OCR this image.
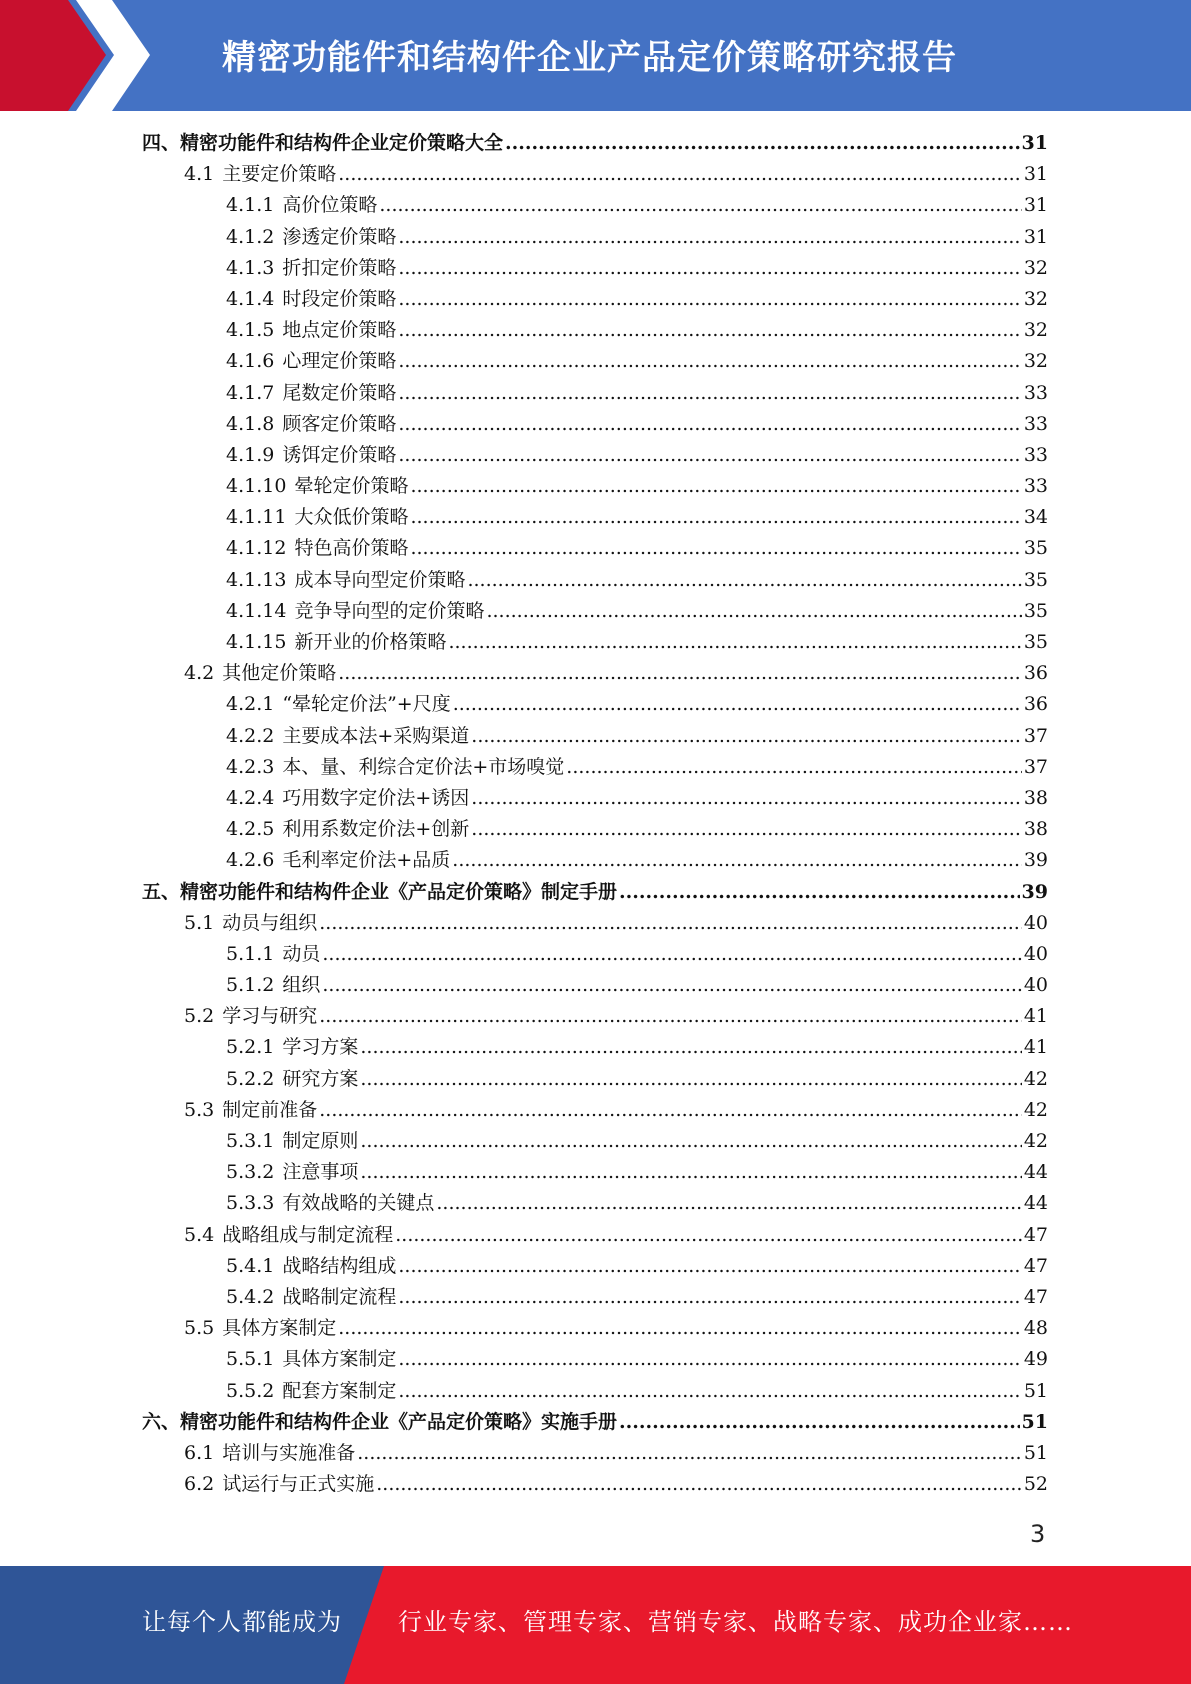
精密功能件和结构件企业产品定价策略研究报告
四、 精密功能件和结构件企业定价策略大全 .....	31
4.1 主要定价策略 .....	31
4.1.1 高价位策略 .....	31
4.1.2 渗透定价策略 .....	31
4.1.3 折扣定价策略 .....	32
4.1.4 时段定价策略 .....	32
4.1.5 地点定价策略 .....	32
4.1.6 心理定价策略 .....	32
4.1.7 尾数定价策略 .....	33
4.1.8 顾客定价策略 .....	33
4.1.9 诱饵定价策略 .....	33
4.1.10 晕轮定价策略 .....	33
4.1.11 大众低价策略 .....	34
4.1.12 特色高价策略 .....	35
4.1.13 成本导向型定价策略 .....	35
4.1.14 竞争导向型的定价策略 .....	35
4.1.15 新开业的价格策略 .....	35
4.2 其他定价策略 .....	36
4.2.1 “晕轮定价法”+尺度 .....	36
4.2.2 主要成本法+采购渠道 .....	37
4.2.3 本、量、利综合定价法+市场嗅觉 .....	37
4.2.4 巧用数字定价法+诱因 .....	38
4.2.5 利用系数定价法+创新 .....	38
4.2.6 毛利率定价法+品质 .....	39
五、 精密功能件和结构件企业《产品定价策略》制定手册 .....	39
5.1 动员与组织 .....	40
5.1.1 动员 .....	40
5.1.2 组织 .....	40
5.2 学习与研究 .....	41
5.2.1 学习方案 .....	41
5.2.2 研究方案 .....	42
5.3 制定前准备 .....	42
5.3.1 制定原则 .....	42
5.3.2 注意事项 .....	44
5.3.3 有效战略的关键点 .....	44
5.4 战略组成与制定流程 .....	47
5.4.1 战略结构组成 .....	47
5.4.2 战略制定流程 .....	47
5.5 具体方案制定 .....	48
5.5.1 具体方案制定 .....	49
5.5.2 配套方案制定 .....	51
六、 精密功能件和结构件企业《产品定价策略》实施手册 .....	51
6.1 培训与实施准备 .....	51
6.2 试运行与正式实施 .....	52
3
让每个人都能成为 行业专家、管理专家、营销专家、战略专家、成功企业家……
